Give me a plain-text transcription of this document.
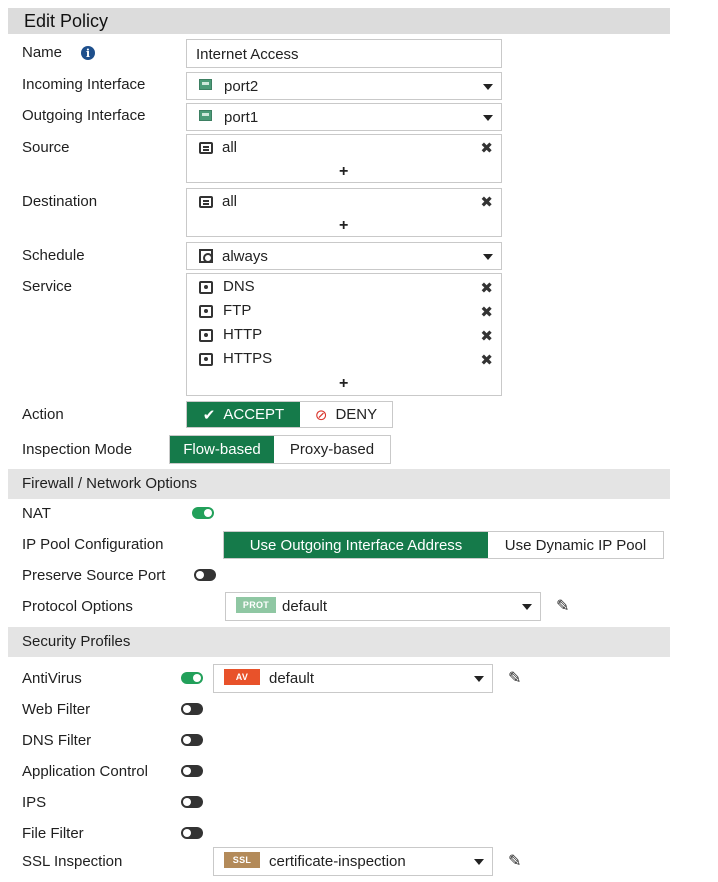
Edit Policy
Name	i	Internet Access
Incoming Interface	port2
Outgoing Interface	port1
Source	all	✖
+
Destination	all	✖
+
Schedule	always
Service	DNS	✖
FTP	✖
HTTP	✖
HTTPS	✖
+
Action	✔ ACCEPT ⊘ DENY
Inspection Mode	Flow-based	Proxy-based
Firewall / Network Options
NAT
IP Pool Configuration	Use Outgoing Interface Address	Use Dynamic IP Pool
Preserve Source Port
Protocol Options	PROT default	✎
Security Profiles
AntiVirus	AV	default	✎
Web Filter
DNS Filter
Application Control
IPS
File Filter
SSL Inspection	SSL	certificate-inspection	✎
